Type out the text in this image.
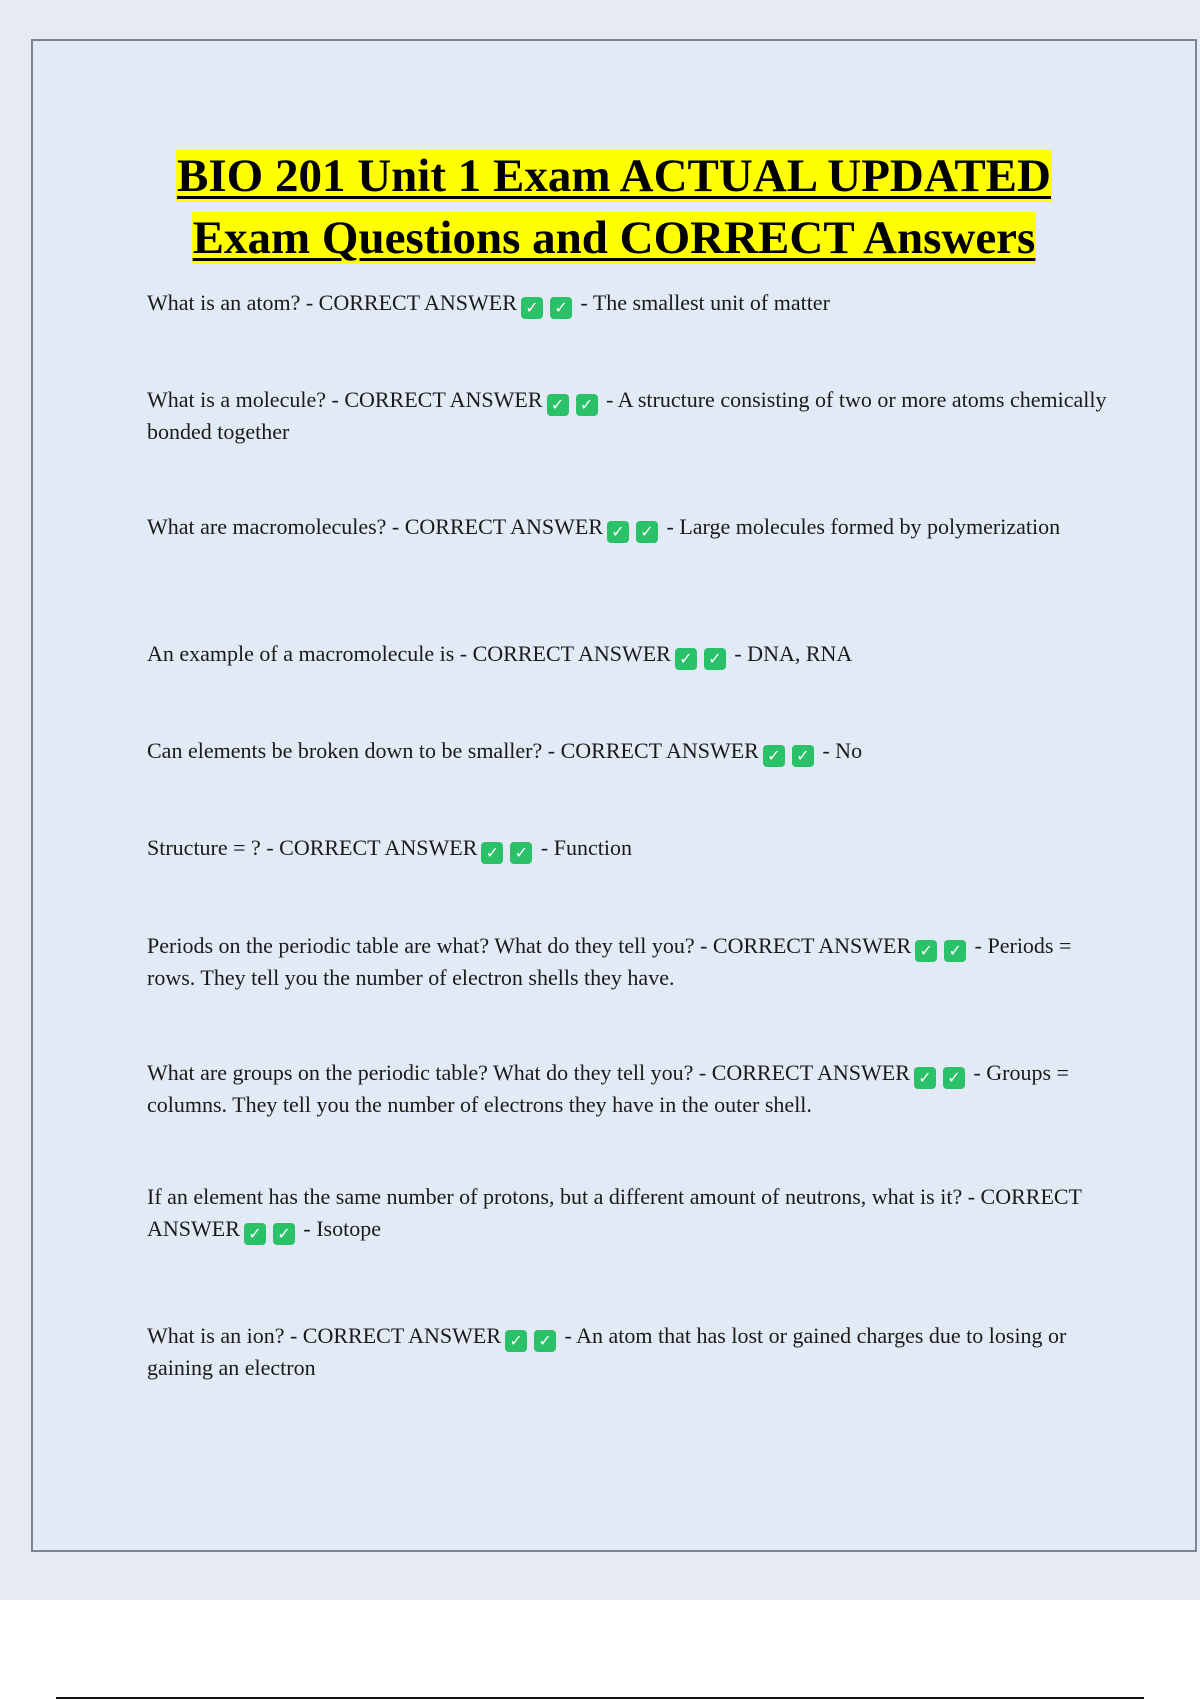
BIO 201 Unit 1 Exam ACTUAL UPDATED
Exam Questions and CORRECT Answers

What is an atom? - CORRECT ANSWER ✓ ✓ - The smallest unit of matter

What is a molecule? - CORRECT ANSWER ✓ ✓ - A structure consisting of two or more atoms chemically bonded together

What are macromolecules? - CORRECT ANSWER ✓ ✓ - Large molecules formed by polymerization

An example of a macromolecule is - CORRECT ANSWER ✓ ✓ - DNA, RNA

Can elements be broken down to be smaller? - CORRECT ANSWER ✓ ✓ - No

Structure = ? - CORRECT ANSWER ✓ ✓ - Function

Periods on the periodic table are what? What do they tell you? - CORRECT ANSWER ✓ ✓ - Periods = rows. They tell you the number of electron shells they have.

What are groups on the periodic table? What do they tell you? - CORRECT ANSWER ✓ ✓ - Groups = columns. They tell you the number of electrons they have in the outer shell.

If an element has the same number of protons, but a different amount of neutrons, what is it? - CORRECT ANSWER ✓ ✓ - Isotope

What is an ion? - CORRECT ANSWER ✓ ✓ - An atom that has lost or gained charges due to losing or gaining an electron
